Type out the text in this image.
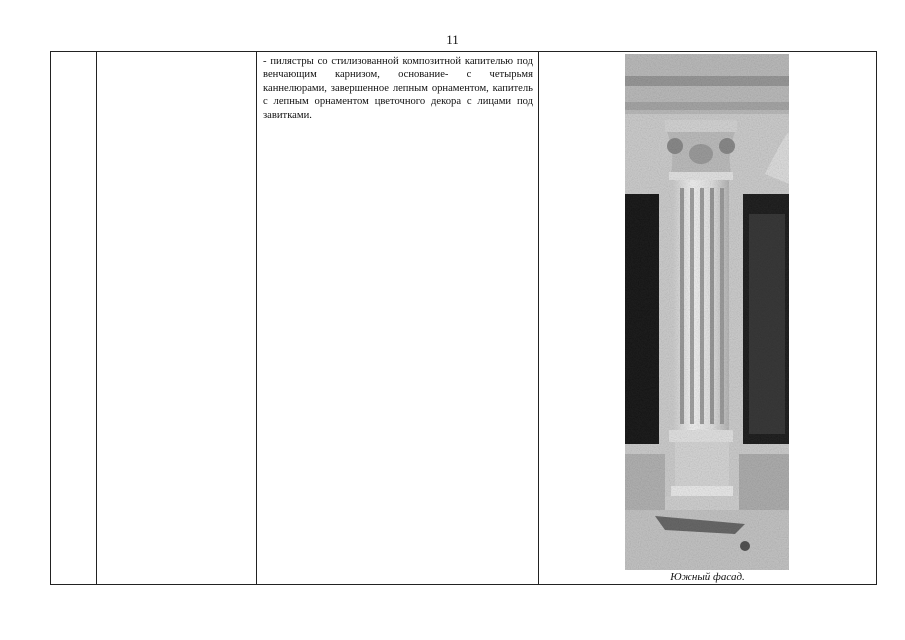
11

- пилястры со стилизованной композитной капителью под венчающим карнизом, основание- с четырьмя каннелюрами, завершенное лепным орнаментом, капитель с лепным орнаментом цветочного декора с лицами под завитками.

Южный фасад.
